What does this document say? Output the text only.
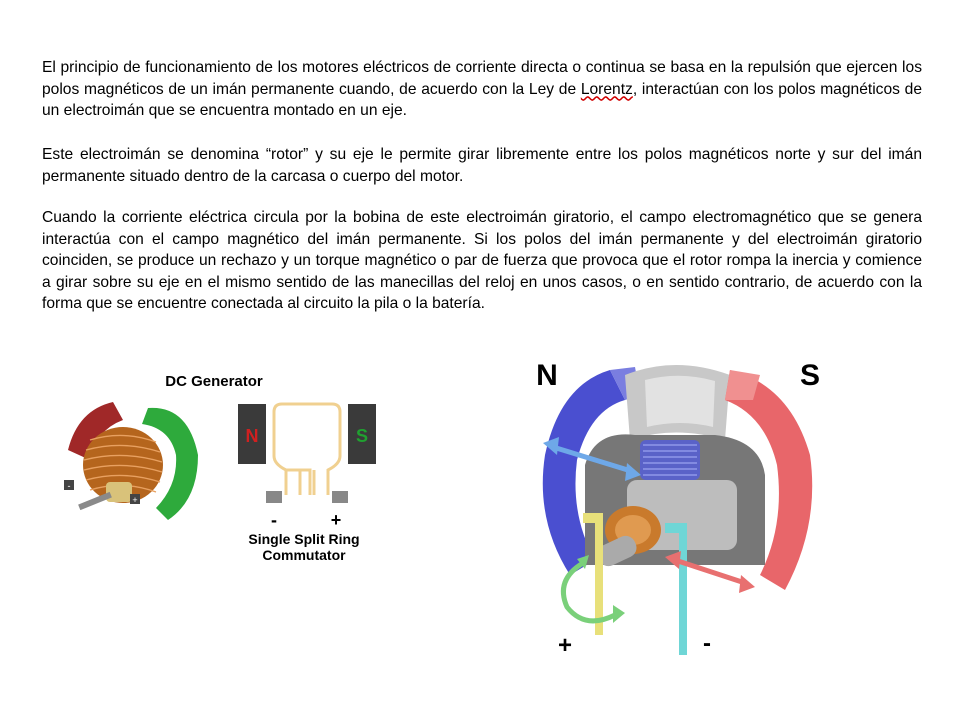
El principio de funcionamiento de los motores eléctricos de corriente directa o continua se basa en la repulsión que ejercen los polos magnéticos de un imán permanente cuando, de acuerdo con la Ley de Lorentz, interactúan con los polos magnéticos de un electroimán que se encuentra montado en un eje.

Este electroimán se denomina “rotor” y su eje le permite girar libremente entre los polos magnéticos norte y sur del imán permanente situado dentro de la carcasa o cuerpo del motor.

Cuando la corriente eléctrica circula por la bobina de este electroimán giratorio, el campo electromagnético que se genera interactúa con el campo magnético del imán permanente. Si los polos del imán permanente y del electroimán giratorio coinciden, se produce un rechazo y un torque magnético o par de fuerza que provoca que el rotor rompa la inercia y comience a girar sobre su eje en el mismo sentido de las manecillas del reloj en unos casos, o en sentido contrario, de acuerdo con la forma que se encuentre conectada al circuito la pila o la batería.

DC Generator
-
+
N	S
-	+
Single Split Ring
Commutator
N	S
+	-
